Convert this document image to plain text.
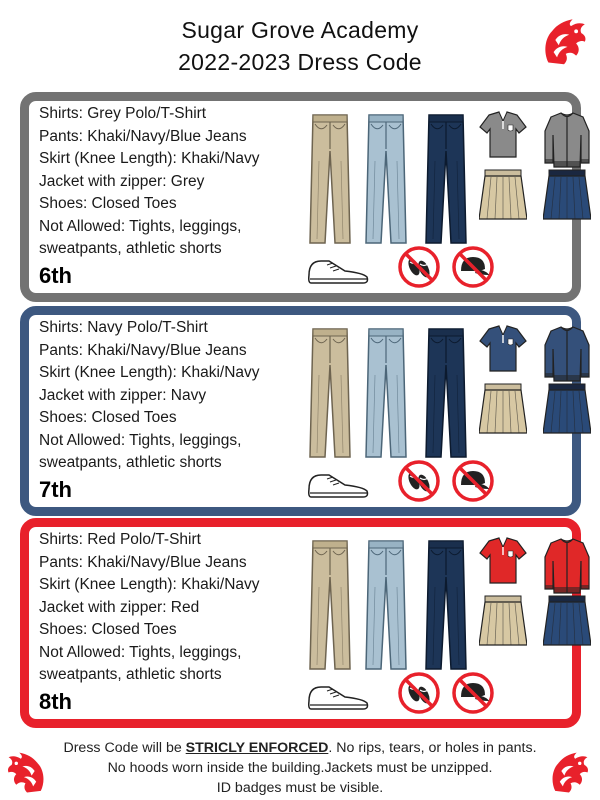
Sugar Grove Academy
2022-2023 Dress Code
Shirts: Grey Polo/T-Shirt
Pants: Khaki/Navy/Blue Jeans
Skirt (Knee Length): Khaki/Navy
Jacket with zipper: Grey
Shoes: Closed Toes
Not Allowed: Tights, leggings,
sweatpants, athletic shorts
6th
Shirts: Navy Polo/T-Shirt
Pants: Khaki/Navy/Blue Jeans
Skirt (Knee Length): Khaki/Navy
Jacket with zipper: Navy
Shoes: Closed Toes
Not Allowed: Tights, leggings,
sweatpants, athletic shorts
7th
Shirts: Red Polo/T-Shirt
Pants: Khaki/Navy/Blue Jeans
Skirt (Knee Length): Khaki/Navy
Jacket with zipper: Red
Shoes: Closed Toes
Not Allowed: Tights, leggings,
sweatpants, athletic shorts
8th
Dress Code will be STRICLY ENFORCED. No rips, tears, or holes in pants.
No hoods worn inside the building.Jackets must be unzipped.
ID badges must be visible.
